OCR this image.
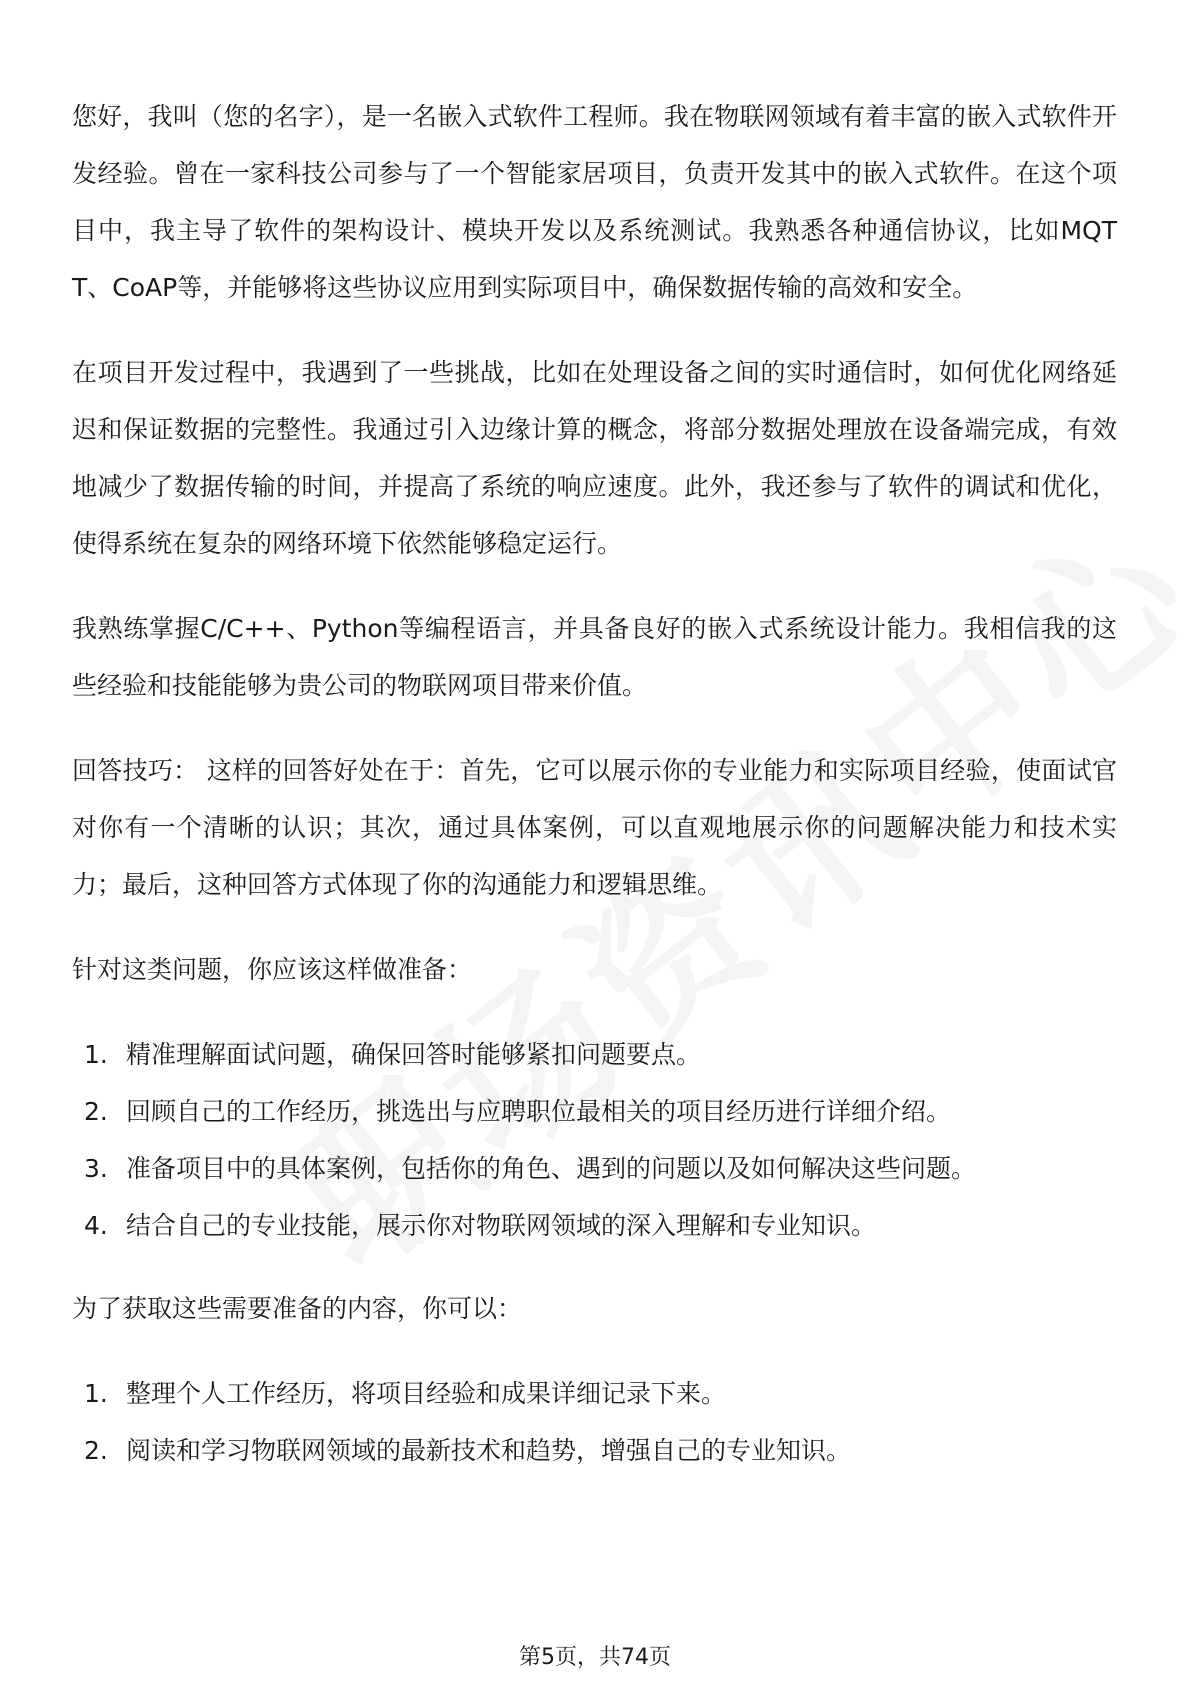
您好，我叫（您的名字），是一名嵌入式软件工程师。我在物联网领域有着丰富的嵌入式软件开发经验。曾在一家科技公司参与了一个智能家居项目，负责开发其中的嵌入式软件。在这个项目中，我主导了软件的架构设计、模块开发以及系统测试。我熟悉各种通信协议，比如MQTT、CoAP等，并能够将这些协议应用到实际项目中，确保数据传输的高效和安全。

在项目开发过程中，我遇到了一些挑战，比如在处理设备之间的实时通信时，如何优化网络延迟和保证数据的完整性。我通过引入边缘计算的概念，将部分数据处理放在设备端完成，有效地减少了数据传输的时间，并提高了系统的响应速度。此外，我还参与了软件的调试和优化，使得系统在复杂的网络环境下依然能够稳定运行。

我熟练掌握C/C++、Python等编程语言，并具备良好的嵌入式系统设计能力。我相信我的这些经验和技能能够为贵公司的物联网项目带来价值。

回答技巧： 这样的回答好处在于：首先，它可以展示你的专业能力和实际项目经验，使面试官对你有一个清晰的认识；其次，通过具体案例，可以直观地展示你的问题解决能力和技术实力；最后，这种回答方式体现了你的沟通能力和逻辑思维。

针对这类问题，你应该这样做准备：

1. 精准理解面试问题，确保回答时能够紧扣问题要点。
2. 回顾自己的工作经历，挑选出与应聘职位最相关的项目经历进行详细介绍。
3. 准备项目中的具体案例，包括你的角色、遇到的问题以及如何解决这些问题。
4. 结合自己的专业技能，展示你对物联网领域的深入理解和专业知识。

为了获取这些需要准备的内容，你可以：

1. 整理个人工作经历，将项目经验和成果详细记录下来。
2. 阅读和学习物联网领域的最新技术和趋势，增强自己的专业知识。
第5页，共74页
